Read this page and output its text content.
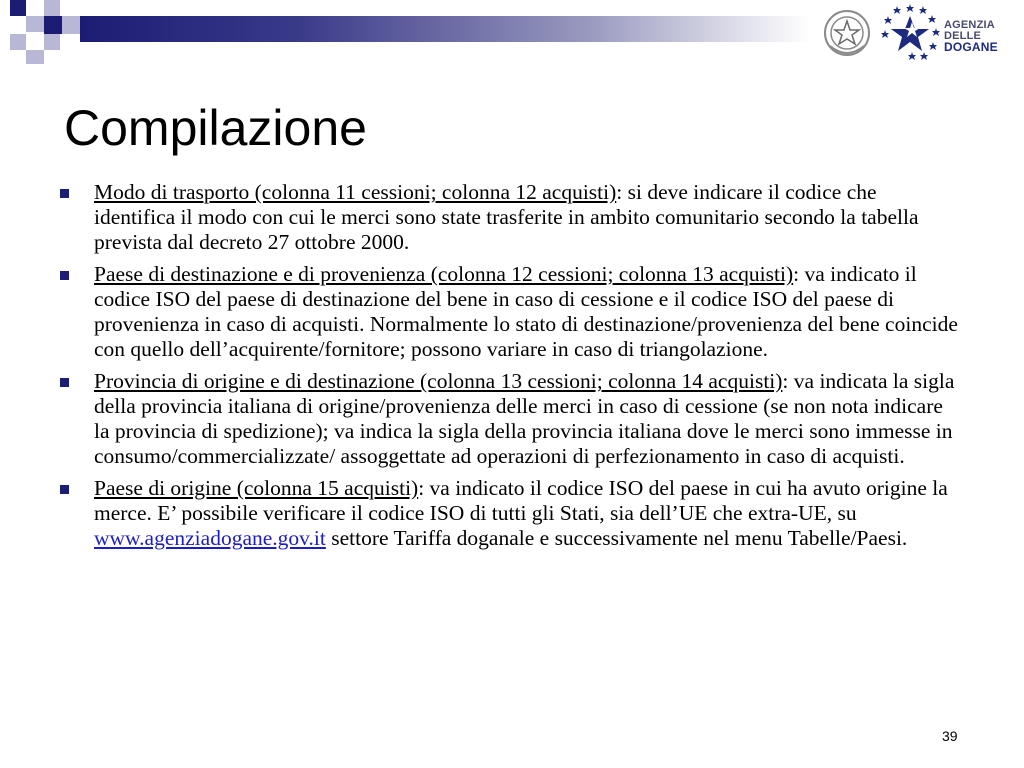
AGENZIA
DELLE
DOGANE
Compilazione
Modo di trasporto (colonna 11 cessioni; colonna 12 acquisti): si deve indicare il codice che identifica il modo con cui le merci sono state trasferite in ambito comunitario secondo la tabella prevista dal decreto 27 ottobre 2000.
Paese di destinazione e di provenienza (colonna 12 cessioni; colonna 13 acquisti): va indicato il codice ISO del paese di destinazione del bene in caso di cessione e il codice ISO del paese di provenienza in caso di acquisti. Normalmente lo stato di destinazione/provenienza del bene coincide con quello dell’acquirente/fornitore; possono variare in caso di triangolazione.
Provincia di origine e di destinazione (colonna 13 cessioni; colonna 14 acquisti): va indicata la sigla della provincia italiana di origine/provenienza delle merci in caso di cessione (se non nota indicare la provincia di spedizione); va indica la sigla della provincia italiana dove le merci sono immesse in consumo/commercializzate/ assoggettate ad operazioni di perfezionamento in caso di acquisti.
Paese di origine (colonna 15 acquisti): va indicato il codice ISO del paese in cui ha avuto origine la merce. E’ possibile verificare il codice ISO di tutti gli Stati, sia dell’UE che extra-UE, su www.agenziadogane.gov.it settore Tariffa doganale e successivamente nel menu Tabelle/Paesi.
39
